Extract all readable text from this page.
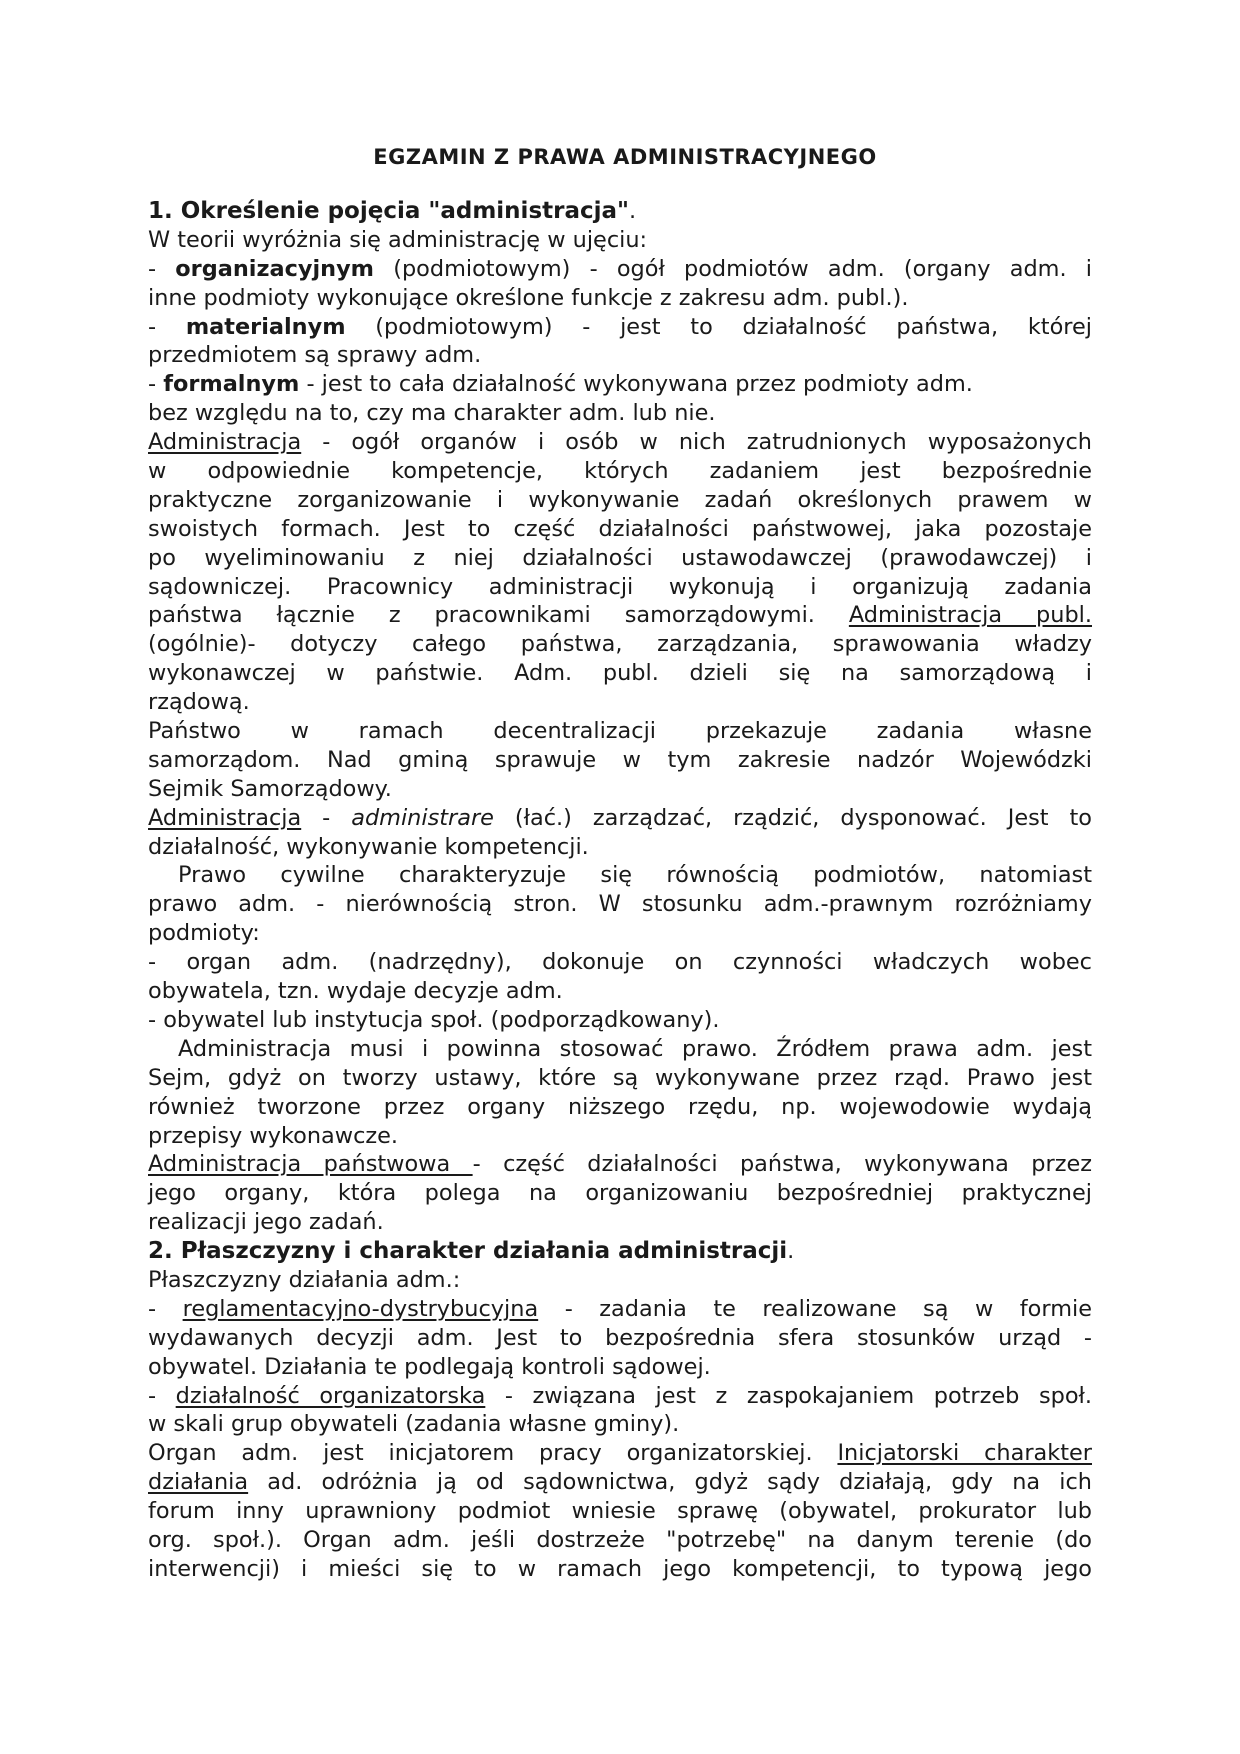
EGZAMIN Z PRAWA ADMINISTRACYJNEGO
1. Określenie pojęcia "administracja".
W teorii wyróżnia się administrację w ujęciu:
- organizacyjnym (podmiotowym) - ogół podmiotów adm. (organy adm. i
inne podmioty wykonujące określone funkcje z zakresu adm. publ.).
- materialnym (podmiotowym) - jest to działalność państwa, której
przedmiotem są sprawy adm.
- formalnym - jest to cała działalność wykonywana przez podmioty adm.
bez względu na to, czy ma charakter adm. lub nie.
Administracja - ogół organów i osób w nich zatrudnionych wyposażonych
w odpowiednie kompetencje, których zadaniem jest bezpośrednie
praktyczne zorganizowanie i wykonywanie zadań określonych prawem w
swoistych formach. Jest to część działalności państwowej, jaka pozostaje
po wyeliminowaniu z niej działalności ustawodawczej (prawodawczej) i
sądowniczej. Pracownicy administracji wykonują i organizują zadania
państwa łącznie z pracownikami samorządowymi. Administracja publ.
(ogólnie)- dotyczy całego państwa, zarządzania, sprawowania władzy
wykonawczej w państwie. Adm. publ. dzieli się na samorządową i
rządową.
Państwo w ramach decentralizacji przekazuje zadania własne
samorządom. Nad gminą sprawuje w tym zakresie nadzór Wojewódzki
Sejmik Samorządowy.
Administracja - administrare (łać.) zarządzać, rządzić, dysponować. Jest to
działalność, wykonywanie kompetencji.
Prawo cywilne charakteryzuje się równością podmiotów, natomiast
prawo adm. - nierównością stron. W stosunku adm.-prawnym rozróżniamy
podmioty:
- organ adm. (nadrzędny), dokonuje on czynności władczych wobec
obywatela, tzn. wydaje decyzje adm.
- obywatel lub instytucja społ. (podporządkowany).
Administracja musi i powinna stosować prawo. Źródłem prawa adm. jest
Sejm, gdyż on tworzy ustawy, które są wykonywane przez rząd. Prawo jest
również tworzone przez organy niższego rzędu, np. wojewodowie wydają
przepisy wykonawcze.
Administracja państwowa - część działalności państwa, wykonywana przez
jego organy, która polega na organizowaniu bezpośredniej praktycznej
realizacji jego zadań.
2. Płaszczyzny i charakter działania administracji.
Płaszczyzny działania adm.:
- reglamentacyjno-dystrybucyjna - zadania te realizowane są w formie
wydawanych decyzji adm. Jest to bezpośrednia sfera stosunków urząd -
obywatel. Działania te podlegają kontroli sądowej.
- działalność organizatorska - związana jest z zaspokajaniem potrzeb społ.
w skali grup obywateli (zadania własne gminy).
Organ adm. jest inicjatorem pracy organizatorskiej. Inicjatorski charakter
działania ad. odróżnia ją od sądownictwa, gdyż sądy działają, gdy na ich
forum inny uprawniony podmiot wniesie sprawę (obywatel, prokurator lub
org. społ.). Organ adm. jeśli dostrzeże "potrzebę" na danym terenie (do
interwencji) i mieści się to w ramach jego kompetencji, to typową jego
